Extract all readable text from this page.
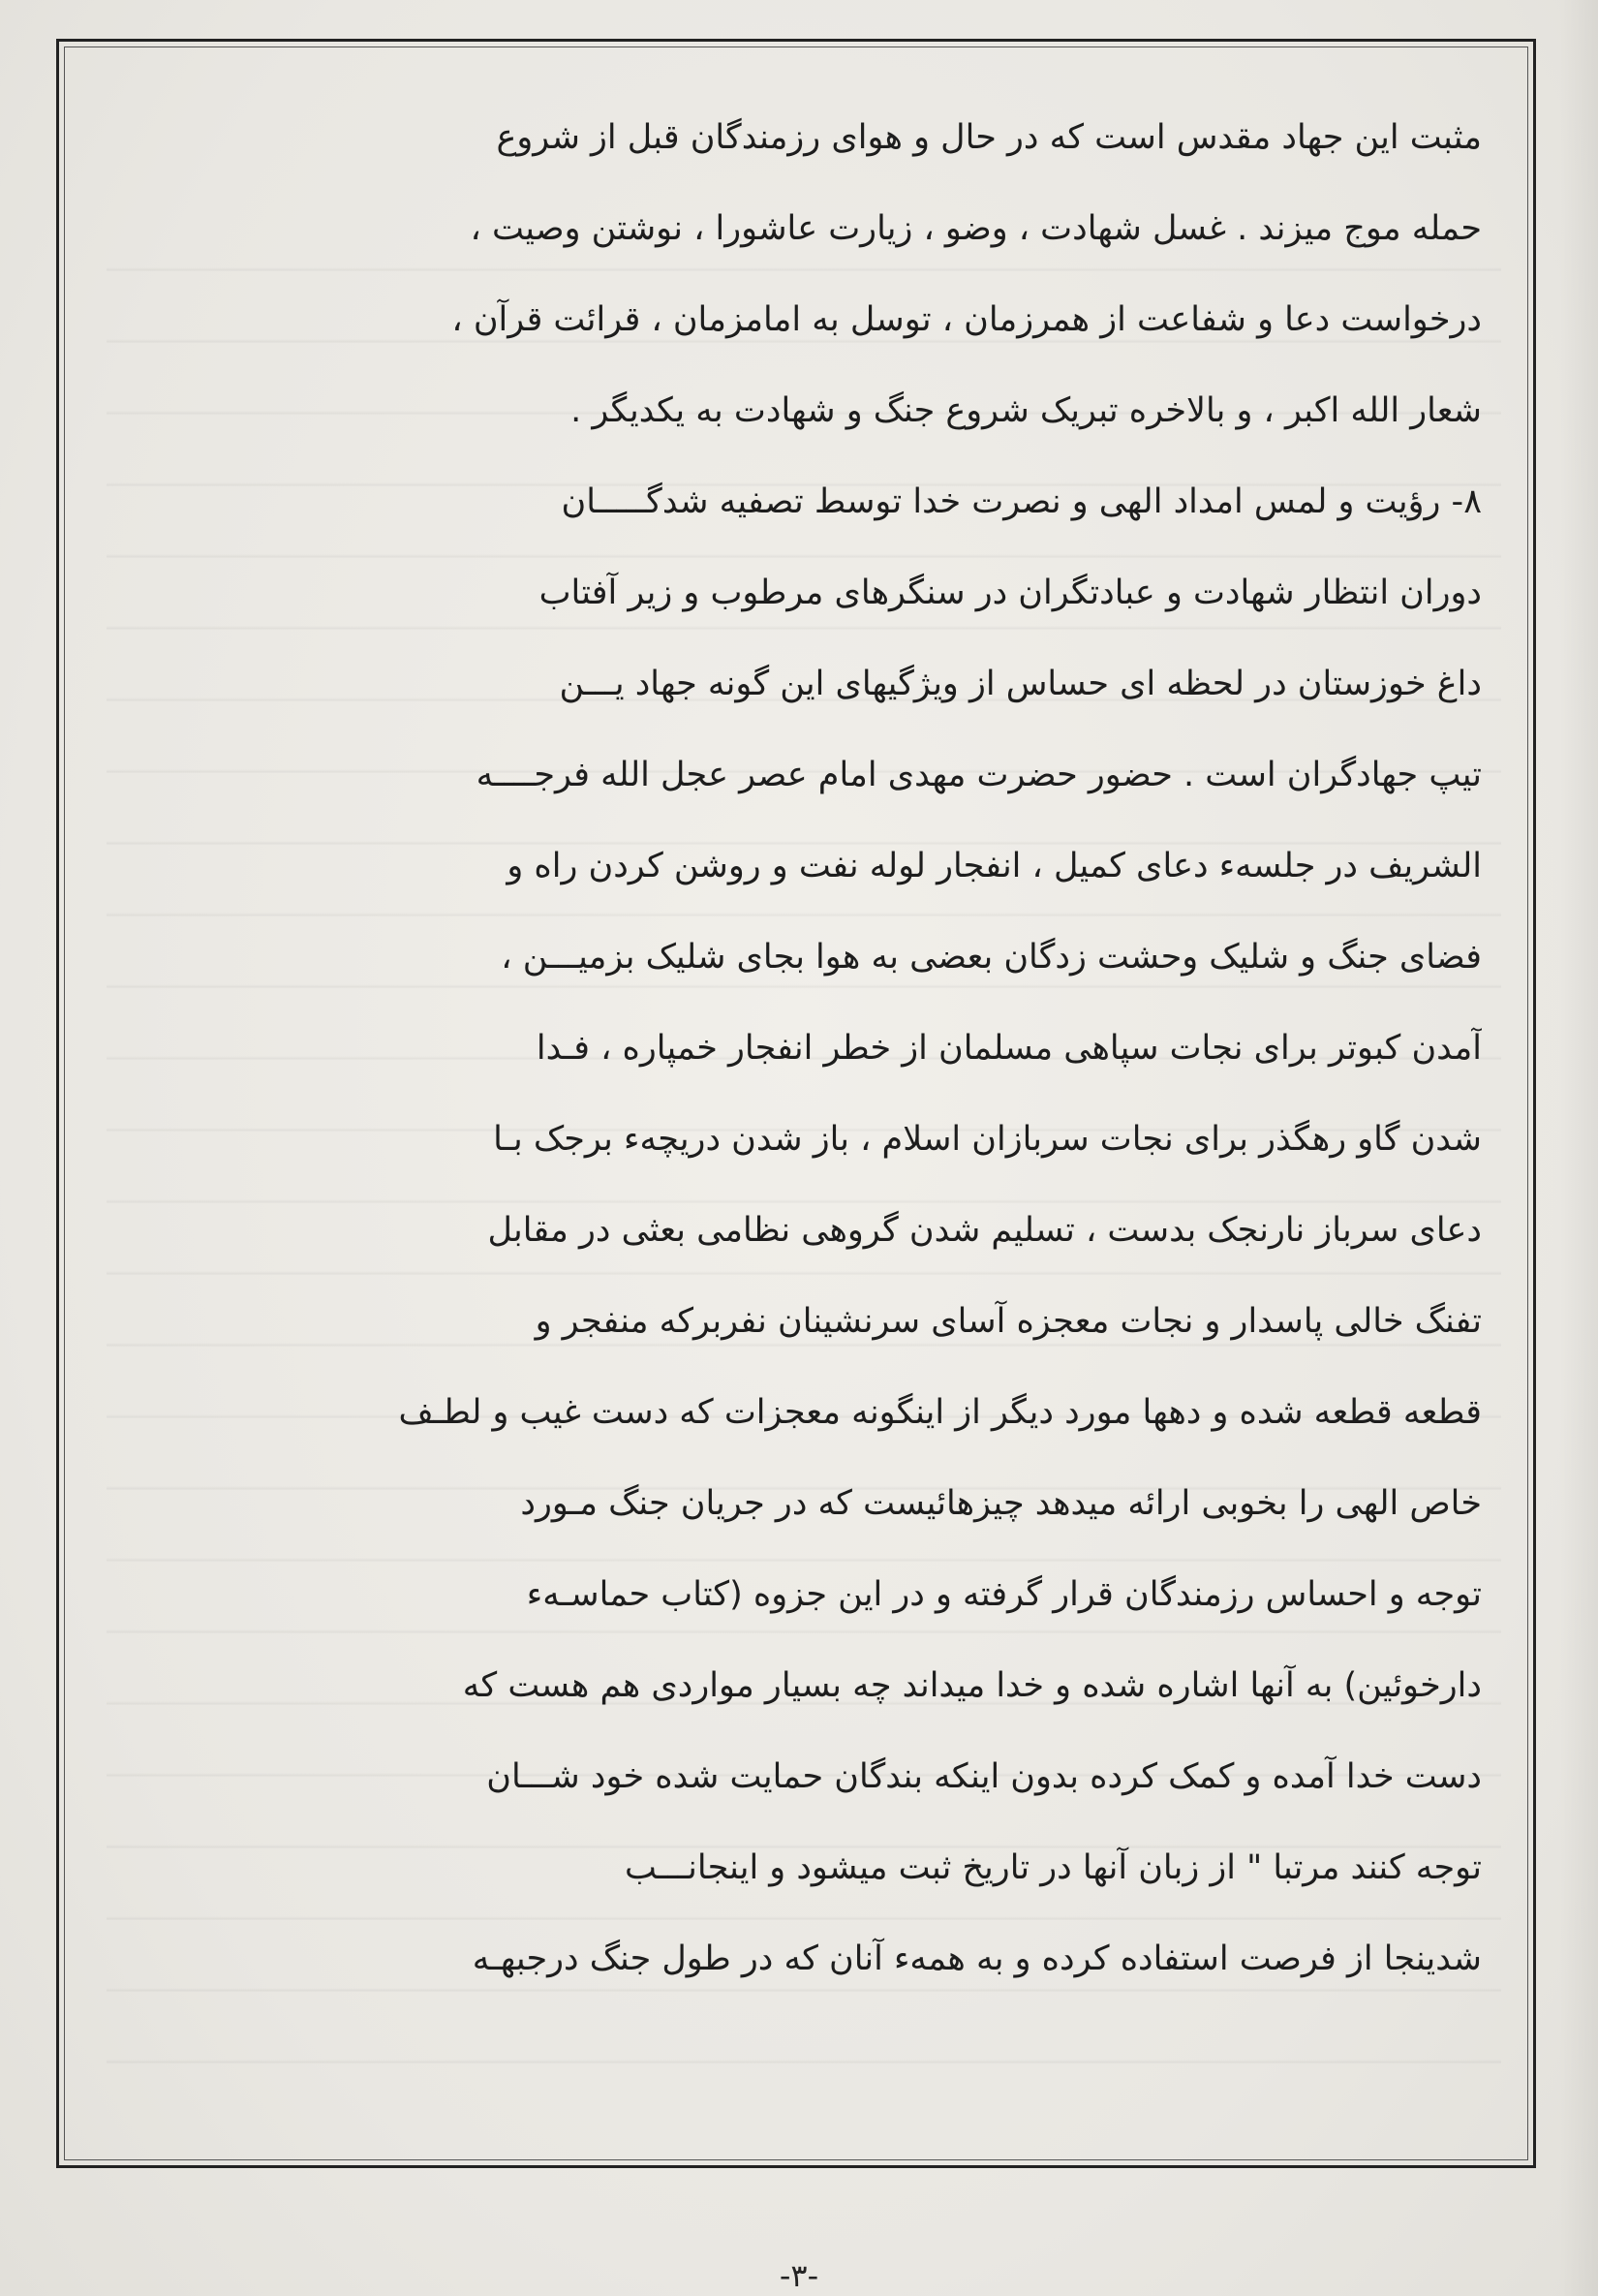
مثبت این جهاد مقدس است که در حال و هوای رزمندگان قبل از شروع
حمله موج میزند . غسل شهادت ، وضو ، زیارت عاشورا ، نوشتن وصیت ،
درخواست دعا و شفاعت از همرزمان ، توسل به امامزمان ، قرائت قرآن ،
شعار الله اکبر ، و بالاخره تبریک شروع جنگ و شهادت به یکدیگر .
۸- رؤیت و لمس امداد الهی و نصرت خدا توسط تصفیه شدگـــــان
دوران انتظار شهادت و عبادتگران در سنگرهای مرطوب و زیر آفتاب
داغ خوزستان در لحظه ای حساس از ویژگیهای این گونه جهاد یـــن
تیپ جهادگران است . حضور حضرت مهدی امام عصر عجل الله فرجــــه
الشریف در جلسهء دعای کمیل ، انفجار لوله نفت و روشن کردن راه و
فضای جنگ و شلیک وحشت زدگان بعضی به هوا بجای شلیک بزمیـــن ،
آمدن کبوتر برای نجات سپاهی مسلمان از خطر انفجار خمپاره ، فـدا
شدن گاو رهگذر برای نجات سربازان اسلام ، باز شدن دریچهء برجک بـا
دعای سرباز نارنجک بدست ، تسلیم شدن گروهی نظامی بعثی در مقابل
تفنگ خالی پاسدار و نجات معجزه آسای سرنشینان نفربرکه منفجر و
قطعه قطعه شده و دهها مورد دیگر از اینگونه معجزات که دست غیب و لطـف
خاص الهی را بخوبی ارائه میدهد چیزهائیست که در جریان جنگ مـورد
توجه و احساس رزمندگان قرار گرفته و در این جزوه (کتاب حماسـهء
دارخوئین) به آنها اشاره شده و خدا میداند چه بسیار مواردی هم هست که
دست خدا آمده و کمک کرده بدون اینکه بندگان حمایت شده خود شـــان
توجه کنند مرتبا " از زبان آنها در تاریخ ثبت میشود و اینجانـــب
شدینجا از فرصت استفاده کرده و به همهء آنان که در طول جنگ درجبهـه
-۳-
